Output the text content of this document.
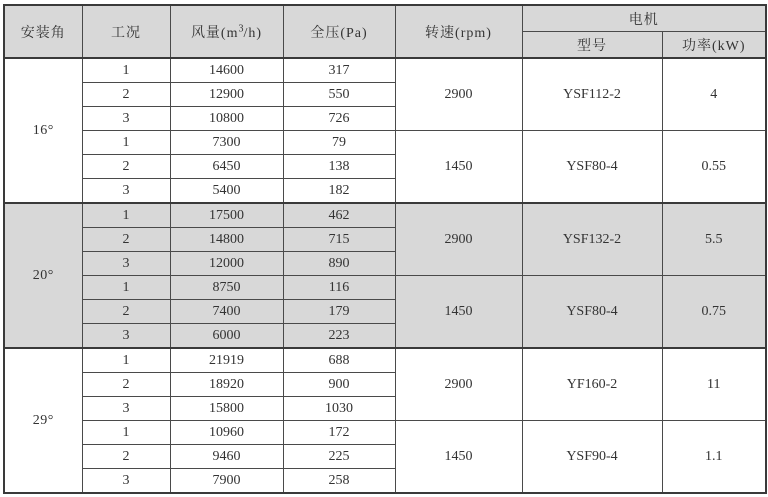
安装角	工况	风量$(m^3/h)$	全压(Pa)	转速(rpm)	电机	
					型号	功率(kW)
16°	1	14600	317	2900	YSF112-2	4
	2	12900	550			
	3	10800	726			
	1	7300	79	1450	YSF80-4	0.55
	2	6450	138			
	3	5400	182			
20°	1	17500	462	2900	YSF132-2	5.5
	2	14800	715			
	3	12000	890			
	1	8750	116	1450	YSF80-4	0.75
	2	7400	179			
	3	6000	223			
29°	1	21919	688	2900	YF160-2	11
	2	18920	900			
	3	15800	1030			
	1	10960	172	1450	YSF90-4	1.1
	2	9460	225			
	3	7900	258			
